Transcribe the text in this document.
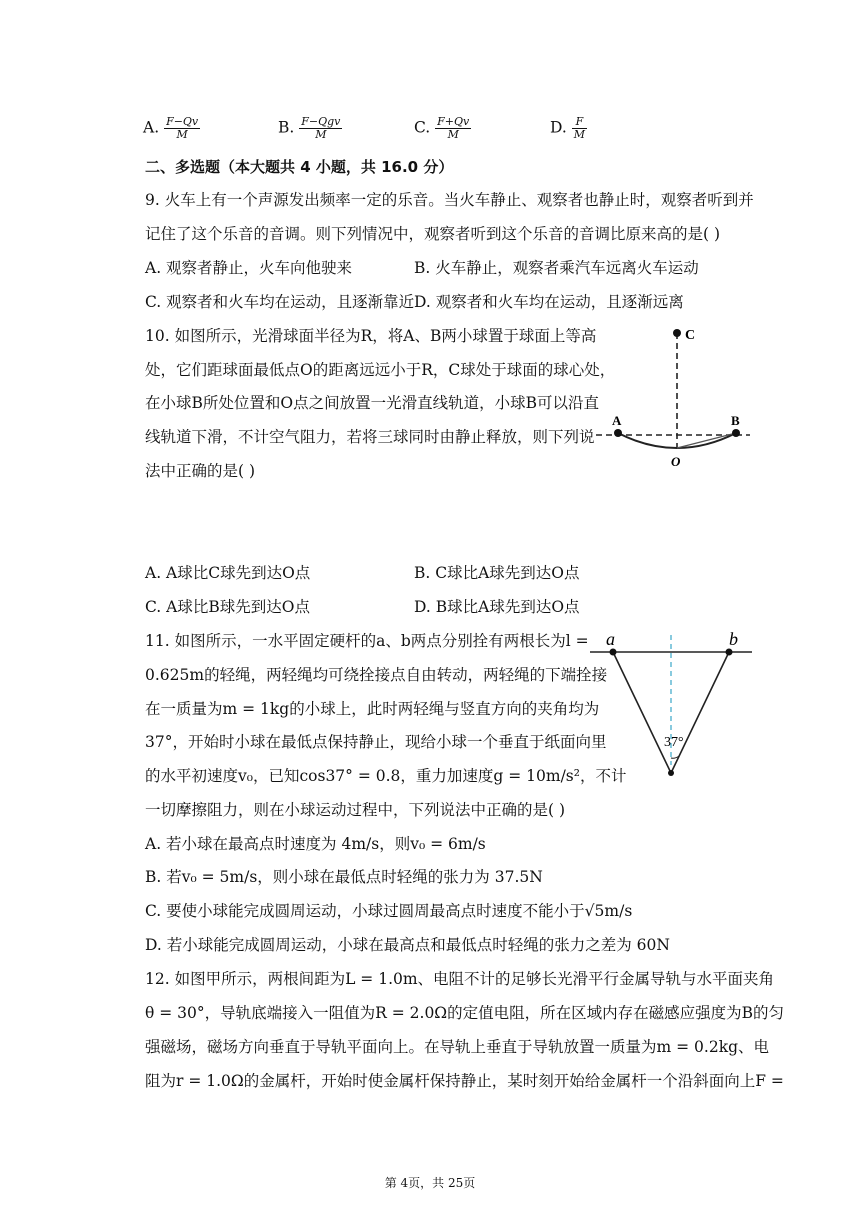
A. $\frac{F-Qv}{M}$	B. $\frac{\text{F−Qgv}}{M}$	C. $\frac{F+Qv}{M}$	D. $\frac{F}{M}$
二、多选题（本大题共 4 小题，共 16.0 分）
9. 火车上有一个声源发出频率一定的乐音。当火车静止、观察者也静止时，观察者听到并
记住了这个乐音的音调。则下列情况中，观察者听到这个乐音的音调比原来高的是( )
A. 观察者静止，火车向他驶来	B. 火车静止，观察者乘汽车远离火车运动
C. 观察者和火车均在运动，且逐渐靠近 D. 观察者和火车均在运动，且逐渐远离
10. 如图所示，光滑球面半径为R，将A、B两小球置于球面上等高
处，它们距球面最低点O的距离远远小于R，C球处于球面的球心处，
在小球B所处位置和O点之间放置一光滑直线轨道，小球B可以沿直
线轨道下滑，不计空气阻力，若将三球同时由静止释放，则下列说
法中正确的是( )
C
A	B
O
A. A球比C球先到达O点	B. C球比A球先到达O点
C. A球比B球先到达O点	D. B球比A球先到达O点
11. 如图所示，一水平固定硬杆的a、b两点分别拴有两根长为l =
0.625m的轻绳，两轻绳均可绕拴接点自由转动，两轻绳的下端拴接
在一质量为m = 1kg的小球上，此时两轻绳与竖直方向的夹角均为
37°，开始时小球在最低点保持静止，现给小球一个垂直于纸面向里
的水平初速度v₀，已知cos37° = 0.8，重力加速度g = 10m/s²，不计
一切摩擦阻力，则在小球运动过程中，下列说法中正确的是( )
a	b
37°
A. 若小球在最高点时速度为 4m/s，则v₀ = 6m/s
B. 若v₀ = 5m/s，则小球在最低点时轻绳的张力为 37.5N
C. 要使小球能完成圆周运动，小球过圆周最高点时速度不能小于√5m/s
D. 若小球能完成圆周运动，小球在最高点和最低点时轻绳的张力之差为 60N
12. 如图甲所示，两根间距为L = 1.0m、电阻不计的足够长光滑平行金属导轨与水平面夹角
θ = 30°，导轨底端接入一阻值为R = 2.0Ω的定值电阻，所在区域内存在磁感应强度为B的匀
强磁场，磁场方向垂直于导轨平面向上。在导轨上垂直于导轨放置一质量为m = 0.2kg、电
阻为r = 1.0Ω的金属杆，开始时使金属杆保持静止，某时刻开始给金属杆一个沿斜面向上F =
第 4页，共 25页
